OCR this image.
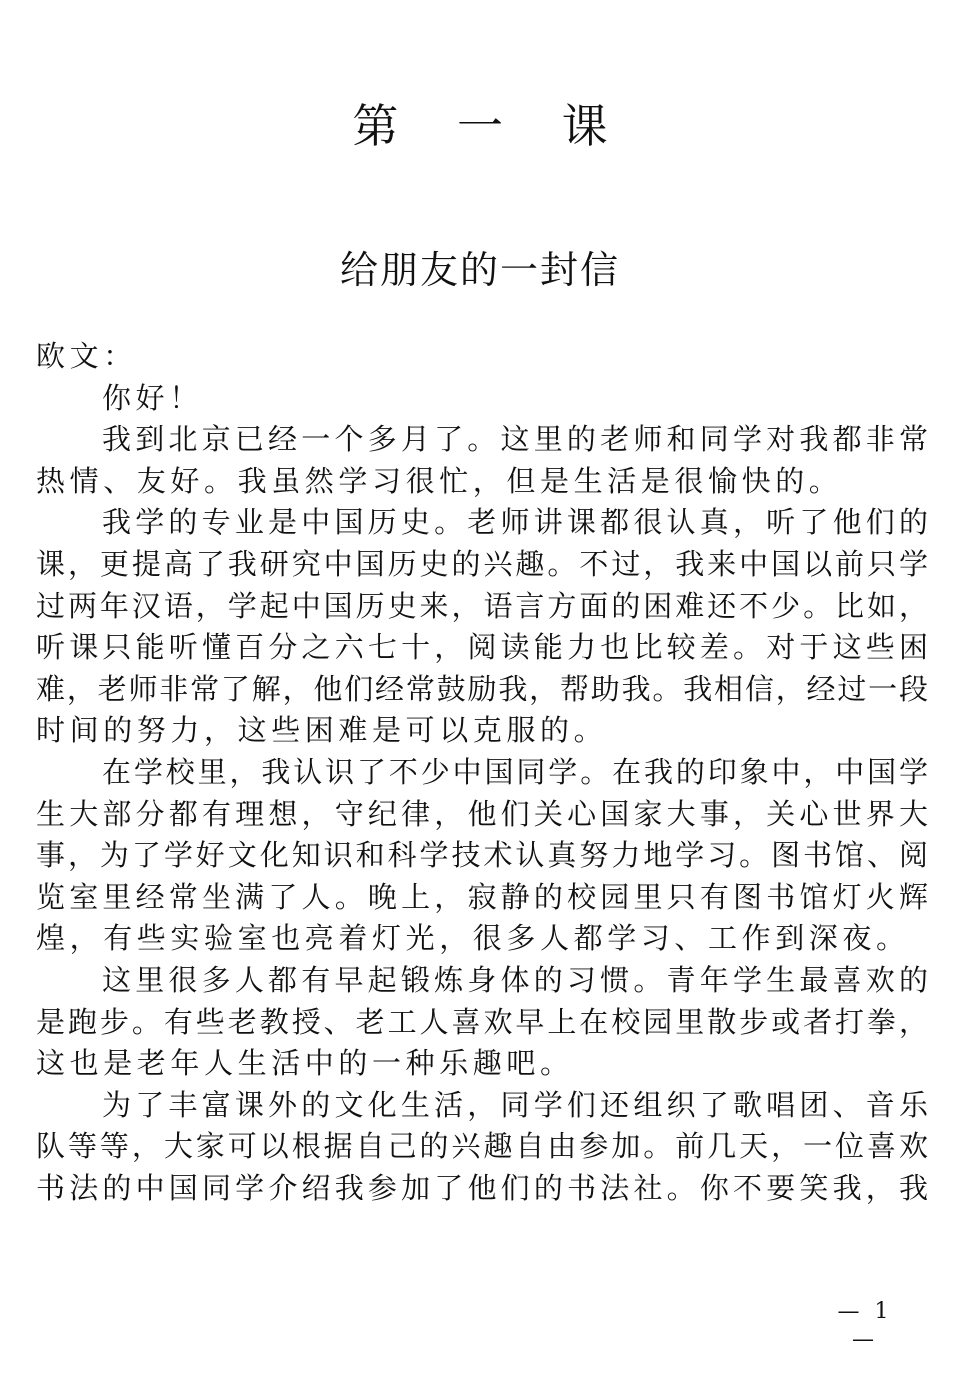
第 一 课
给朋友的一封信
欧文：
你好！
我到北京已经一个多月了。这里的老师和同学对我都非常
热情、友好。我虽然学习很忙，但是生活是很愉快的。
我学的专业是中国历史。老师讲课都很认真，听了他们的
课，更提高了我研究中国历史的兴趣。不过，我来中国以前只学
过两年汉语，学起中国历史来，语言方面的困难还不少。比如，
听课只能听懂百分之六七十，阅读能力也比较差。对于这些困
难，老师非常了解，他们经常鼓励我，帮助我。我相信，经过一段
时间的努力，这些困难是可以克服的。
在学校里，我认识了不少中国同学。在我的印象中，中国学
生大部分都有理想，守纪律，他们关心国家大事，关心世界大
事，为了学好文化知识和科学技术认真努力地学习。图书馆、阅
览室里经常坐满了人。晚上，寂静的校园里只有图书馆灯火辉
煌，有些实验室也亮着灯光，很多人都学习、工作到深夜。
这里很多人都有早起锻炼身体的习惯。青年学生最喜欢的
是跑步。有些老教授、老工人喜欢早上在校园里散步或者打拳，
这也是老年人生活中的一种乐趣吧。
为了丰富课外的文化生活，同学们还组织了歌唱团、音乐
队等等，大家可以根据自己的兴趣自由参加。前几天，一位喜欢
书法的中国同学介绍我参加了他们的书法社。你不要笑我，我
— 1 —
